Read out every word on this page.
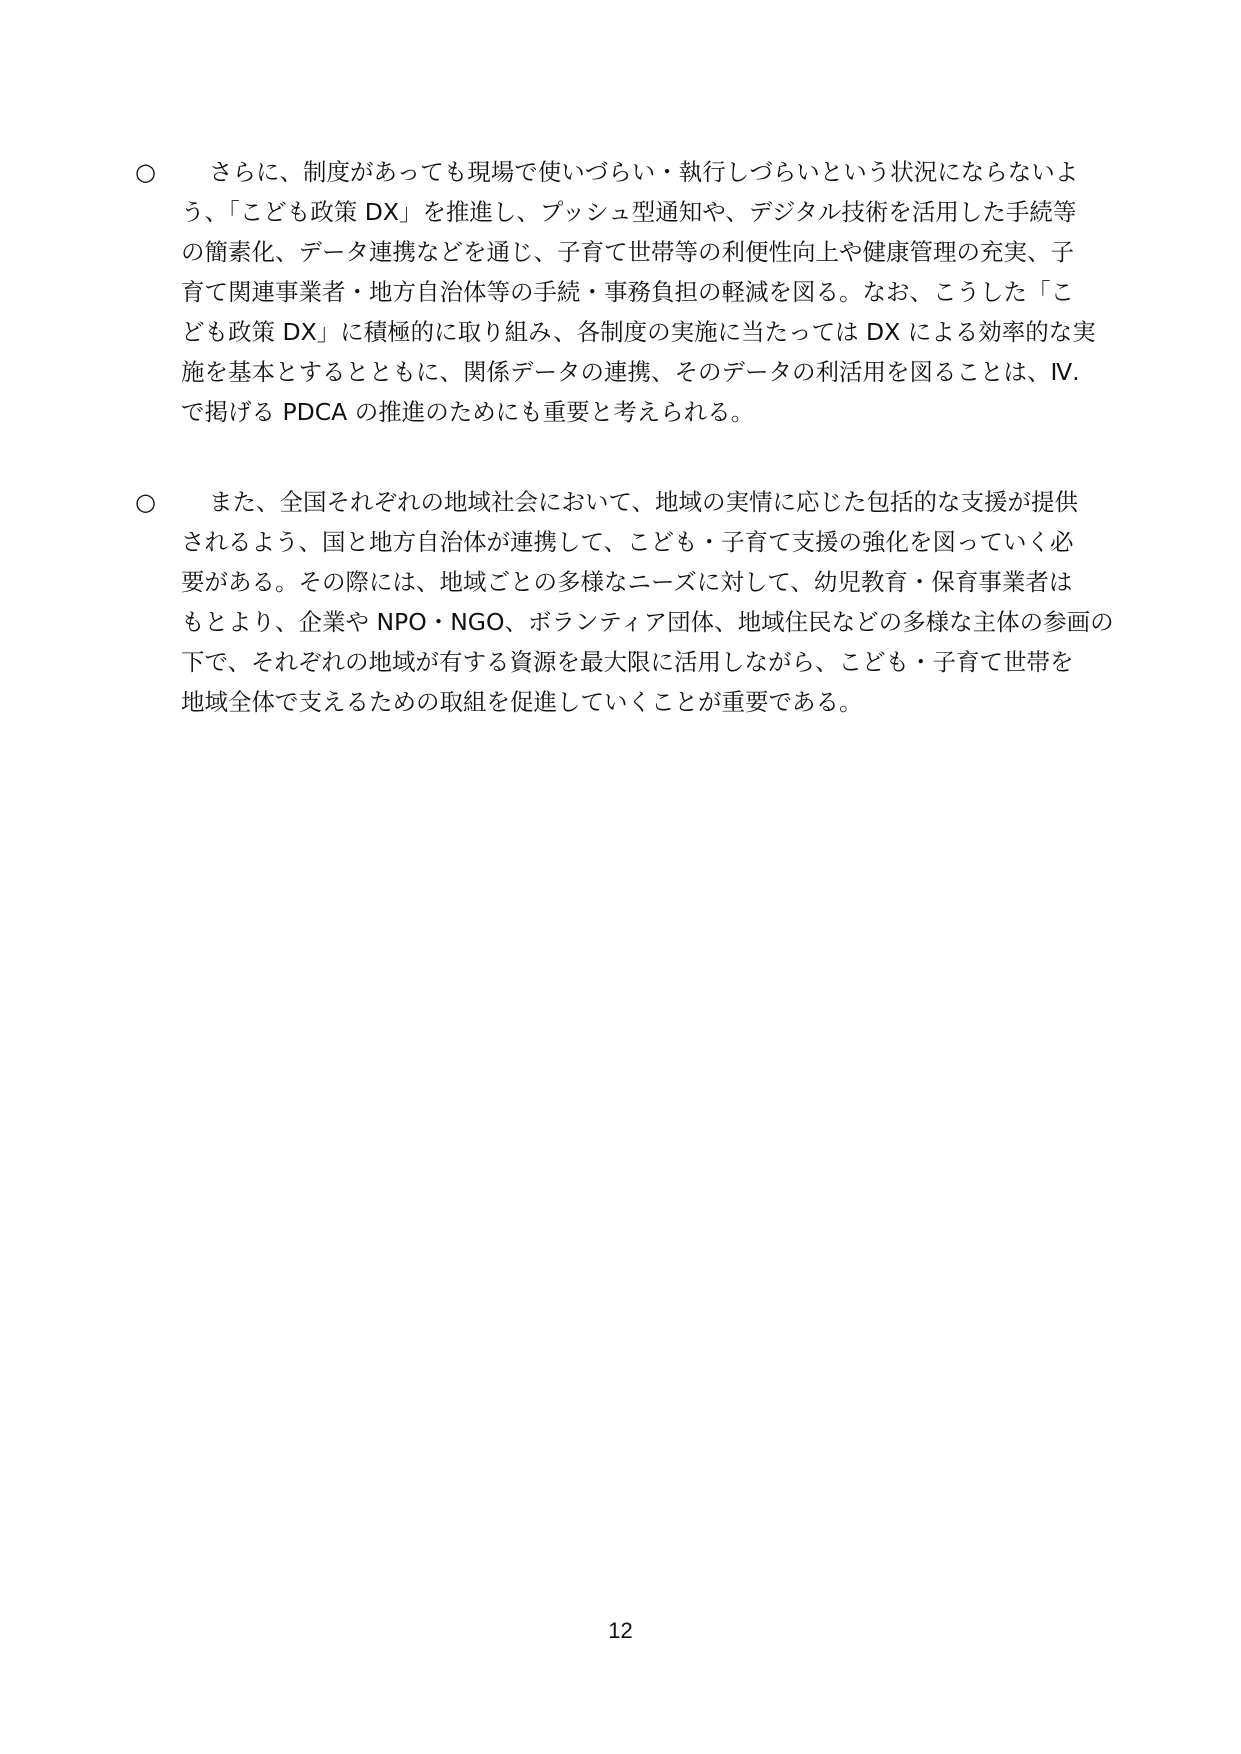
○	さらに、制度があっても現場で使いづらい・執行しづらいという状況にならないよ
う、「こども政策 DX」を推進し、プッシュ型通知や、デジタル技術を活用した手続等
の簡素化、データ連携などを通じ、子育て世帯等の利便性向上や健康管理の充実、子
育て関連事業者・地方自治体等の手続・事務負担の軽減を図る。なお、こうした「こ
ども政策 DX」に積極的に取り組み、各制度の実施に当たっては DX による効率的な実
施を基本とするとともに、関係データの連携、そのデータの利活用を図ることは、Ⅳ.
で掲げる PDCA の推進のためにも重要と考えられる。
○	また、全国それぞれの地域社会において、地域の実情に応じた包括的な支援が提供
されるよう、国と地方自治体が連携して、こども・子育て支援の強化を図っていく必
要がある。その際には、地域ごとの多様なニーズに対して、幼児教育・保育事業者は
もとより、企業や NPO・NGO、ボランティア団体、地域住民などの多様な主体の参画の
下で、それぞれの地域が有する資源を最大限に活用しながら、こども・子育て世帯を
地域全体で支えるための取組を促進していくことが重要である。
12
